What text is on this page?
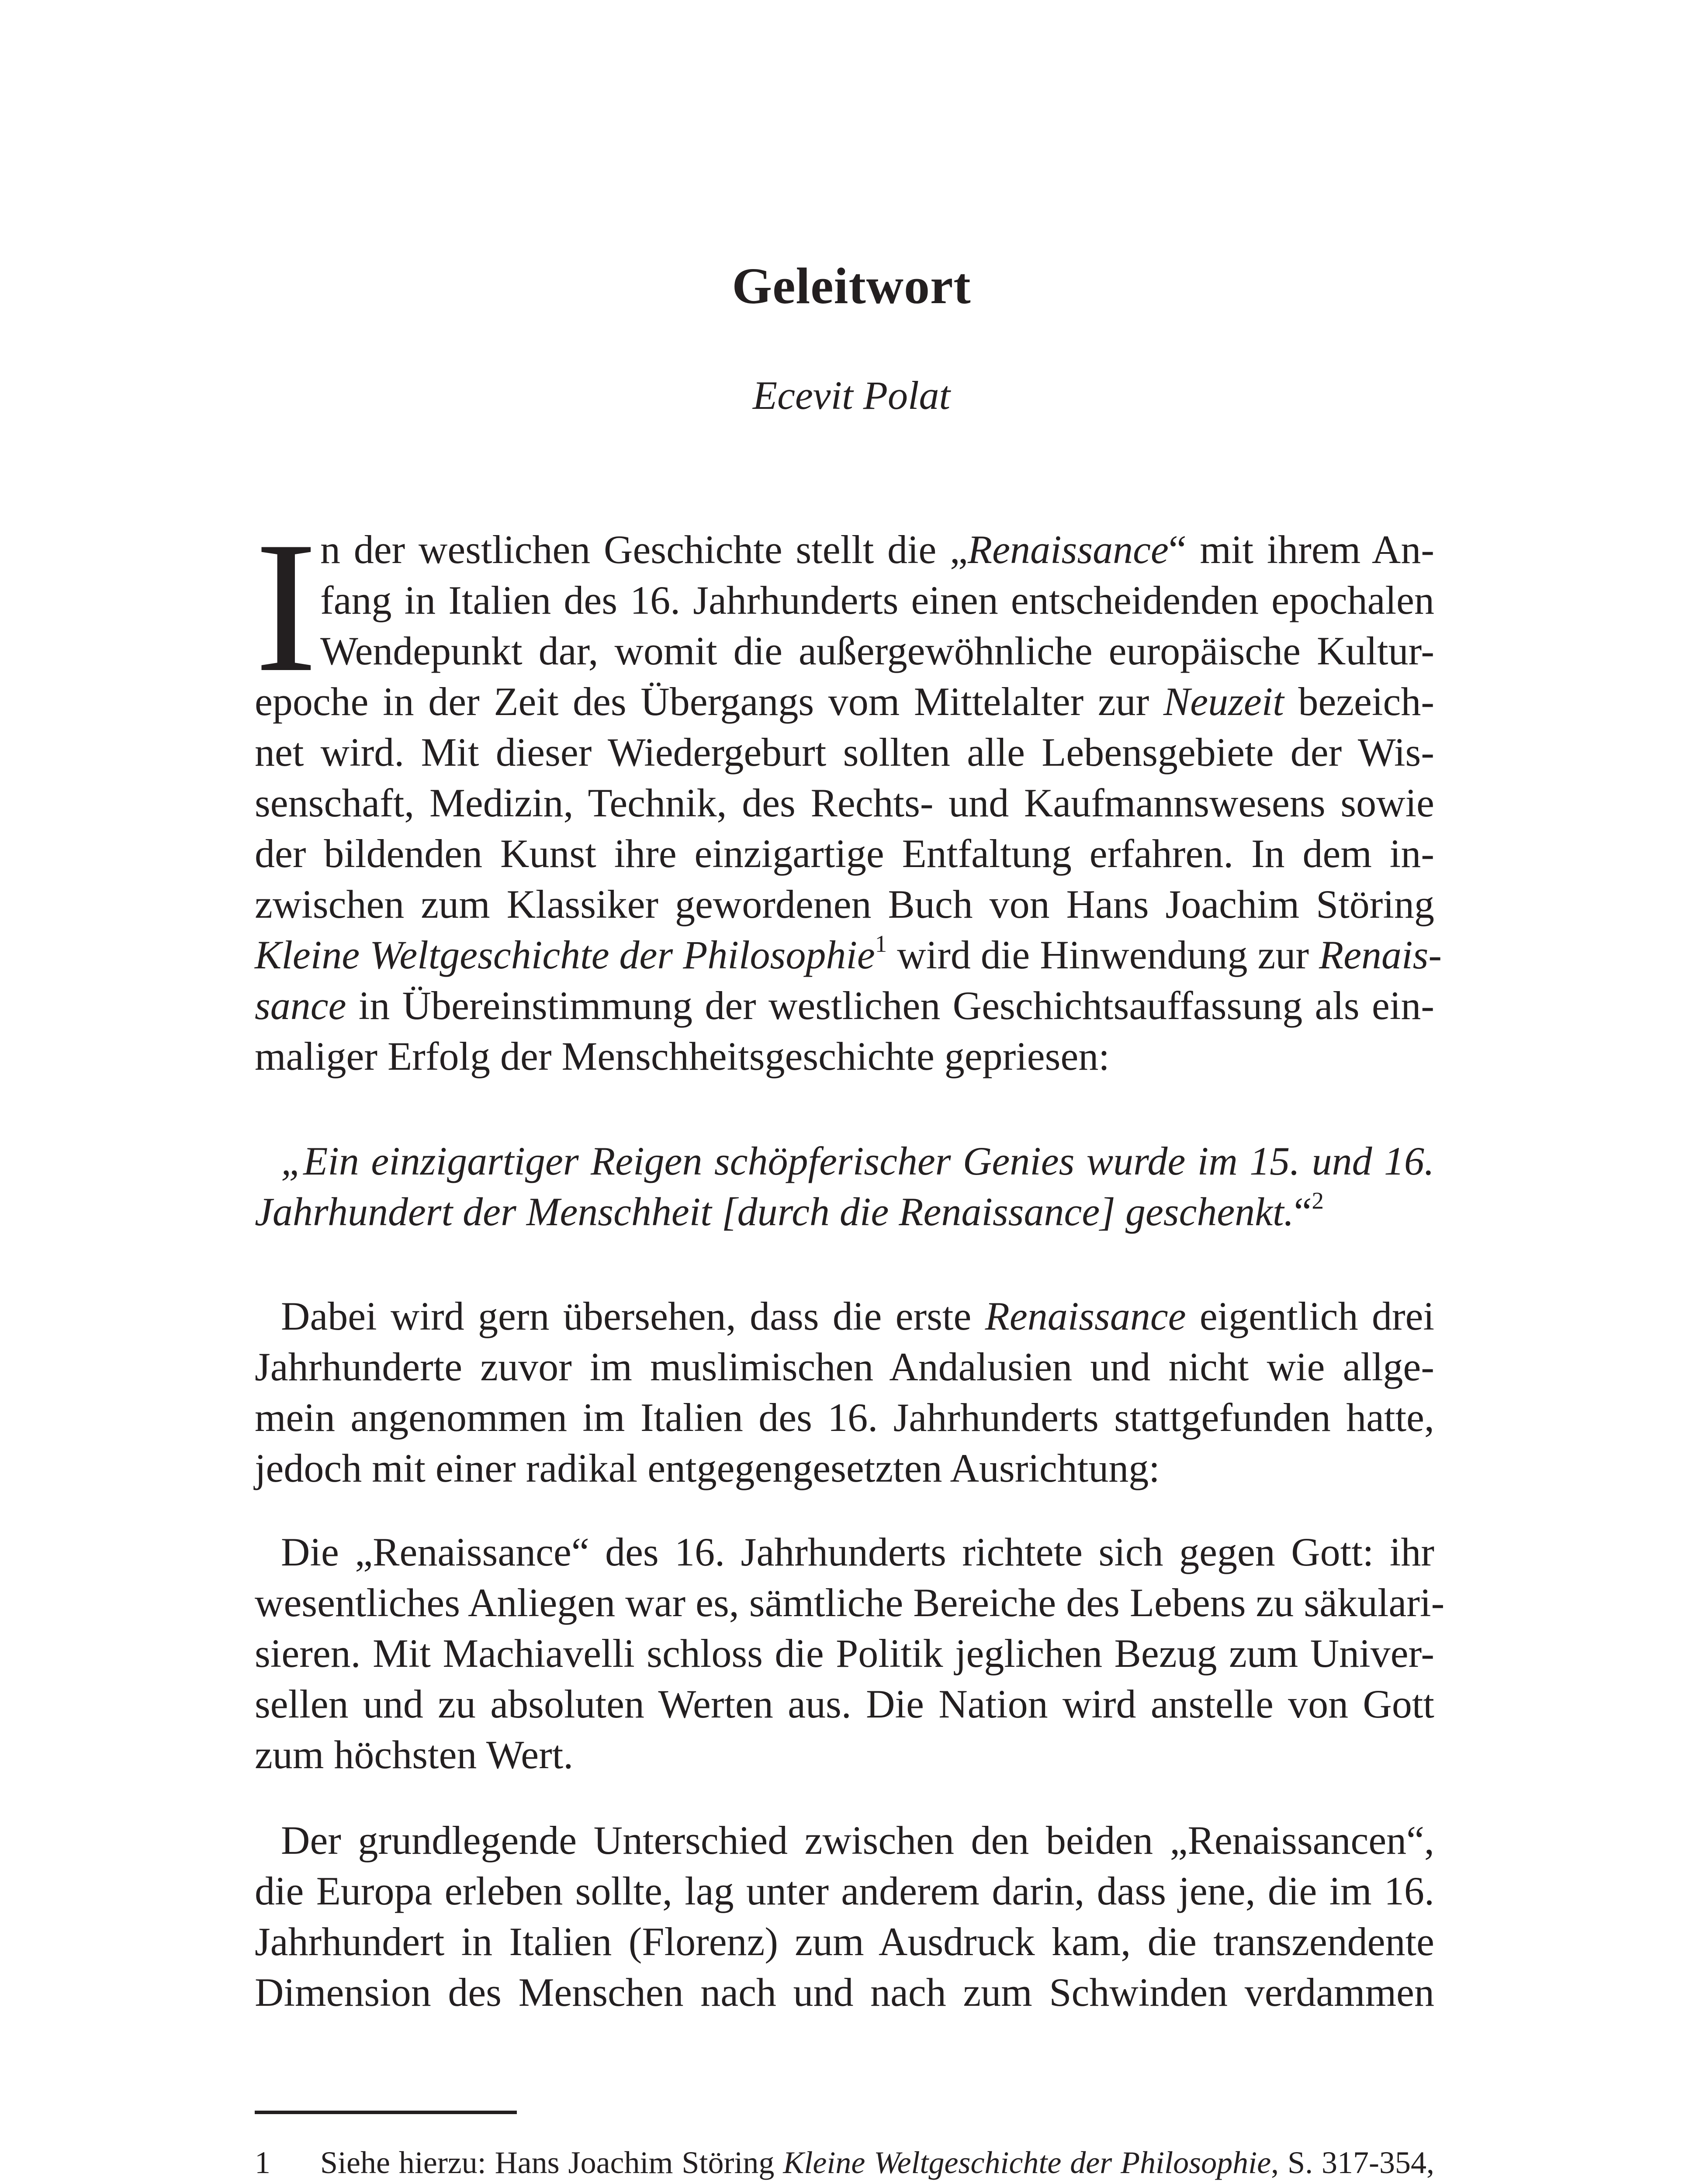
Geleitwort
Ecevit Polat
I n der westlichen Geschichte stellt die „Renaissance“ mit ihrem An-
fang in Italien des 16. Jahrhunderts einen entscheidenden epochalen
Wendepunkt dar, womit die außergewöhnliche europäische Kultur-
epoche in der Zeit des Übergangs vom Mittelalter zur Neuzeit bezeich-
net wird. Mit dieser Wiedergeburt sollten alle Lebensgebiete der Wis-
senschaft, Medizin, Technik, des Rechts- und Kaufmannswesens sowie
der bildenden Kunst ihre einzigartige Entfaltung erfahren. In dem in-
zwischen zum Klassiker gewordenen Buch von Hans Joachim Störing
Kleine Weltgeschichte der Philosophie$^1$ wird die Hinwendung zur Renais-
sance in Übereinstimmung der westlichen Geschichtsauffassung als ein-
maliger Erfolg der Menschheitsgeschichte gepriesen:
„Ein einzigartiger Reigen schöpferischer Genies wurde im 15. und 16.
Jahrhundert der Menschheit [durch die Renaissance] geschenkt.“$^2$
Dabei wird gern übersehen, dass die erste Renaissance eigentlich drei
Jahrhunderte zuvor im muslimischen Andalusien und nicht wie allge-
mein angenommen im Italien des 16. Jahrhunderts stattgefunden hatte,
jedoch mit einer radikal entgegengesetzten Ausrichtung:
Die „Renaissance“ des 16. Jahrhunderts richtete sich gegen Gott: ihr
wesentliches Anliegen war es, sämtliche Bereiche des Lebens zu säkulari-
sieren. Mit Machiavelli schloss die Politik jeglichen Bezug zum Univer-
sellen und zu absoluten Werten aus. Die Nation wird anstelle von Gott
zum höchsten Wert.
Der grundlegende Unterschied zwischen den beiden „Renaissancen“,
die Europa erleben sollte, lag unter anderem darin, dass jene, die im 16.
Jahrhundert in Italien (Florenz) zum Ausdruck kam, die transzendente
Dimension des Menschen nach und nach zum Schwinden verdammen
1 Siehe hierzu: Hans Joachim Störing Kleine Weltgeschichte der Philosophie, S. 317-354,
